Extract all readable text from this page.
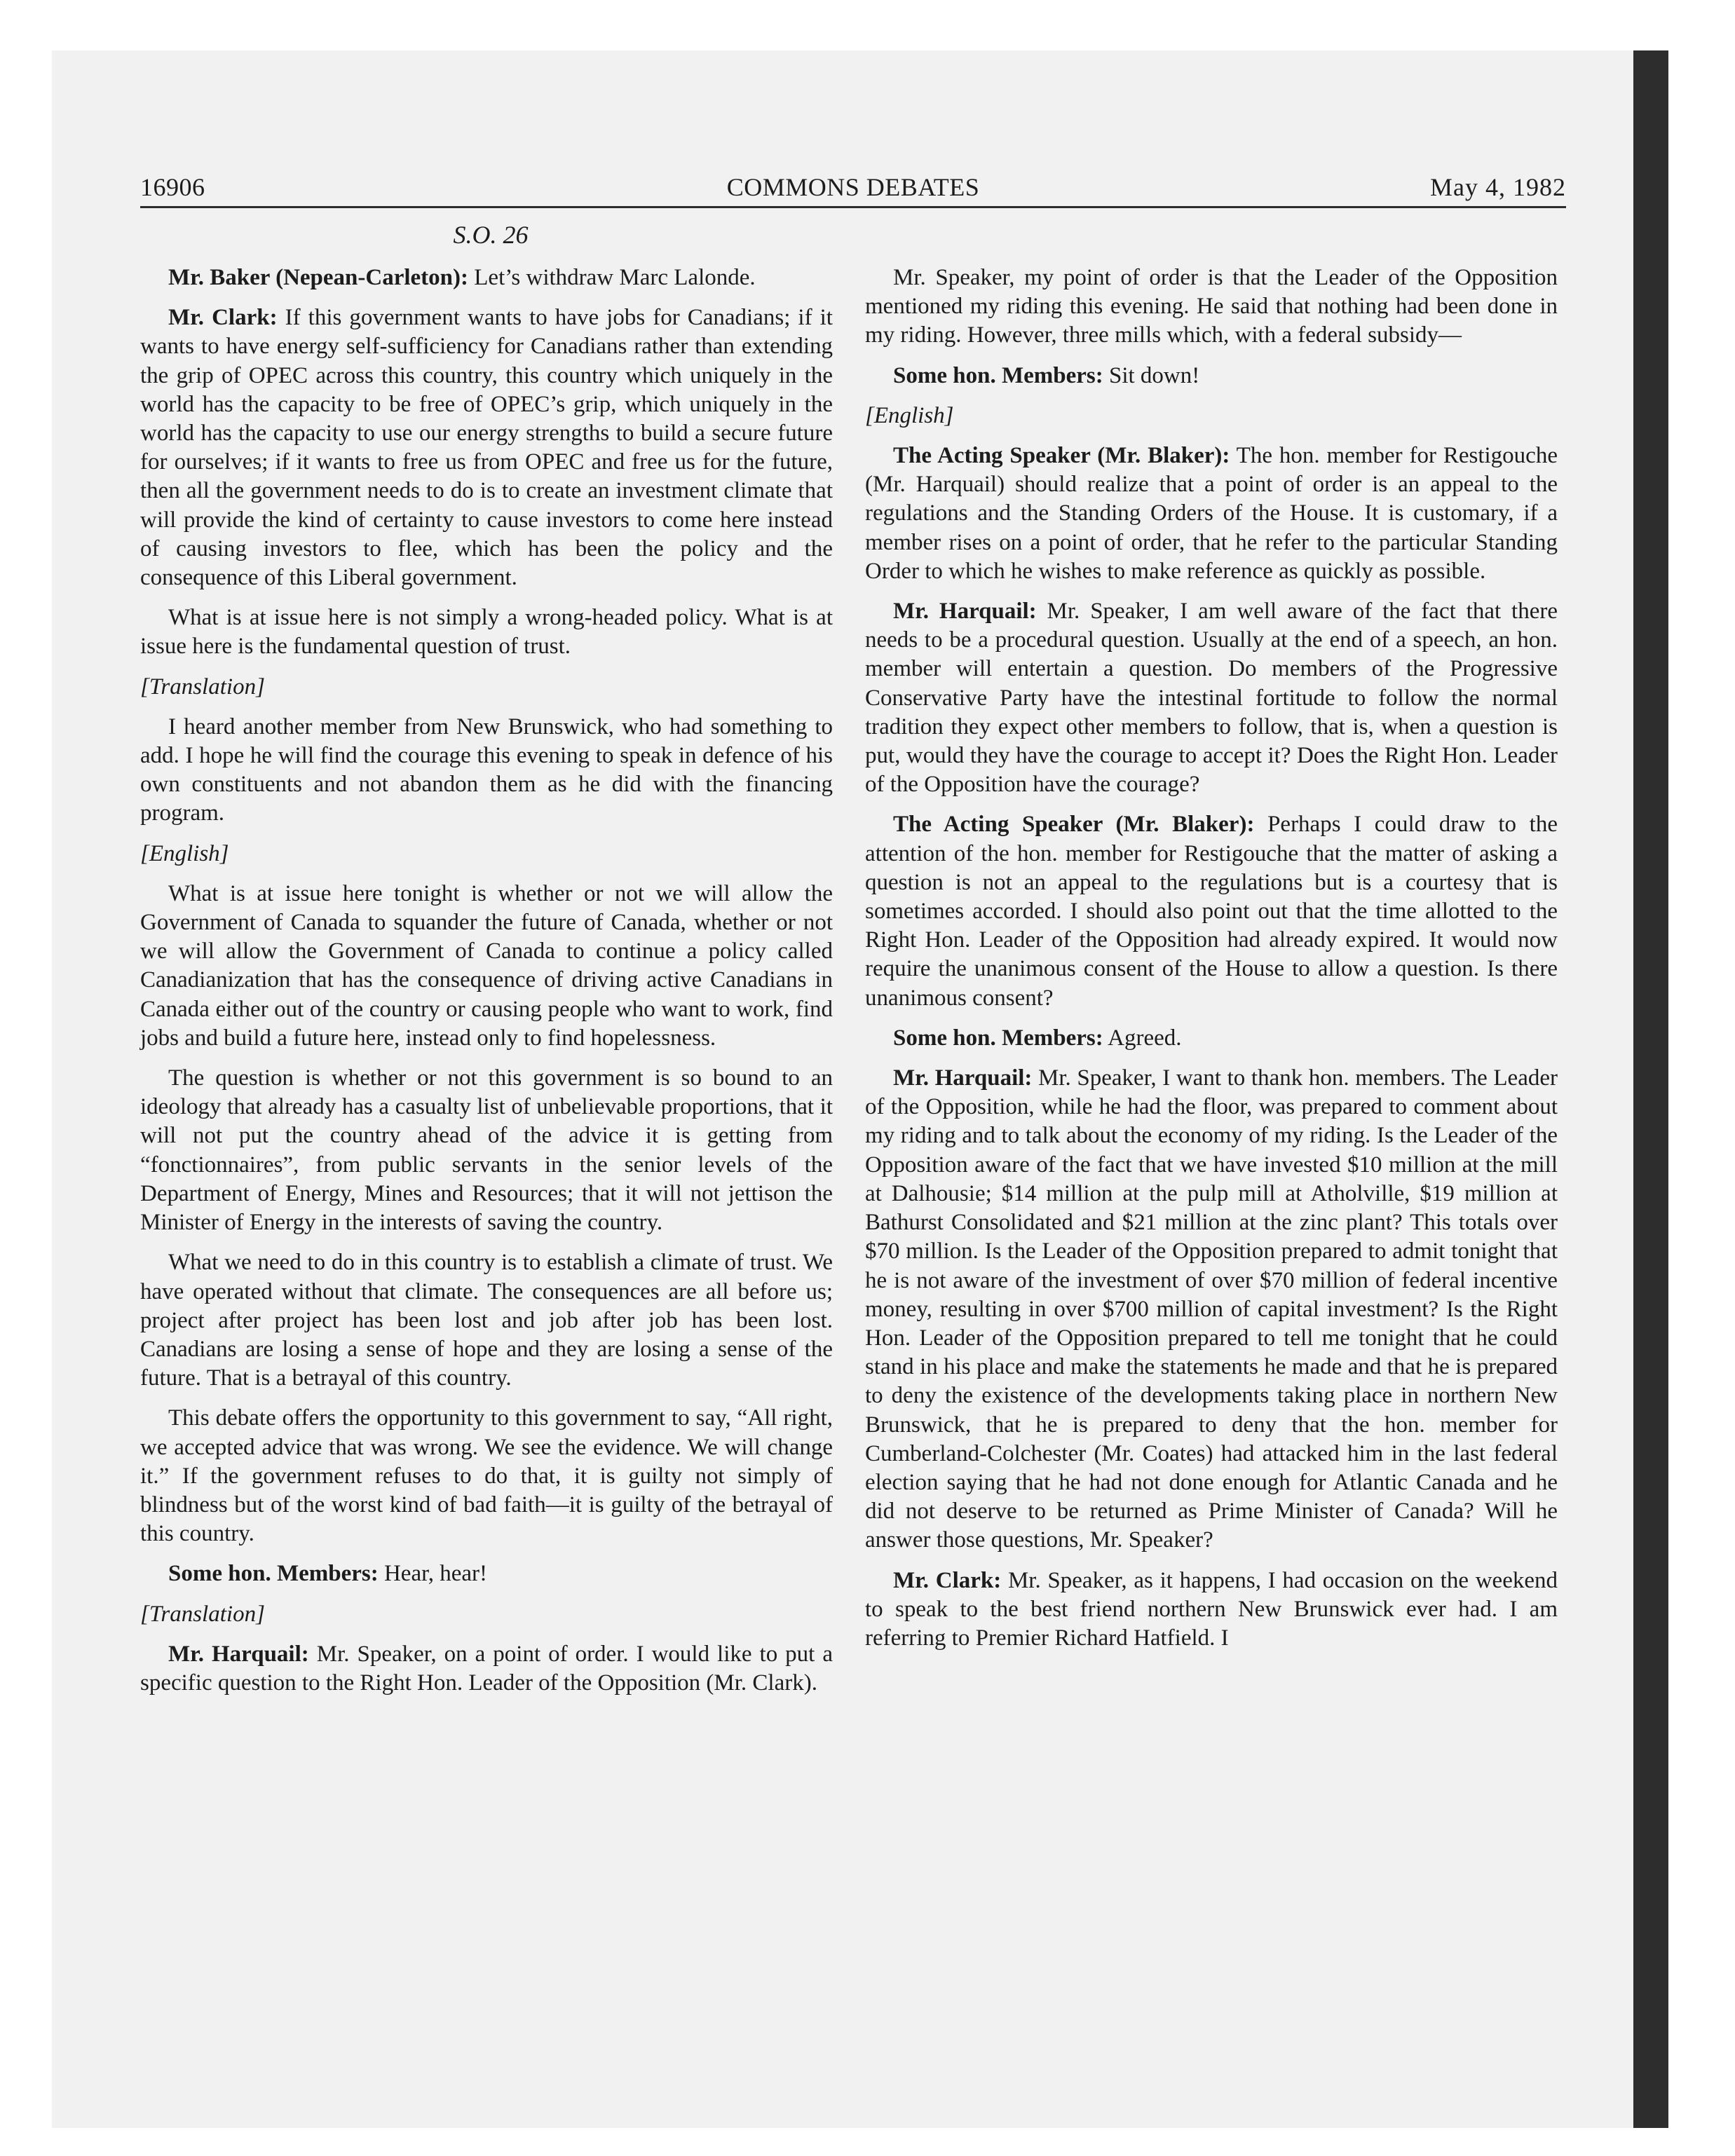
16906	COMMONS DEBATES	May 4, 1982
S.O. 26

Mr. Baker (Nepean-Carleton): Let’s withdraw Marc Lalonde.

Mr. Clark: If this government wants to have jobs for Canadians; if it wants to have energy self-sufficiency for Canadians rather than extending the grip of OPEC across this country, this country which uniquely in the world has the capacity to be free of OPEC’s grip, which uniquely in the world has the capacity to use our energy strengths to build a secure future for ourselves; if it wants to free us from OPEC and free us for the future, then all the government needs to do is to create an investment climate that will provide the kind of certainty to cause investors to come here instead of causing investors to flee, which has been the policy and the consequence of this Liberal government.

What is at issue here is not simply a wrong-headed policy. What is at issue here is the fundamental question of trust.

[Translation]

I heard another member from New Brunswick, who had something to add. I hope he will find the courage this evening to speak in defence of his own constituents and not abandon them as he did with the financing program.

[English]

What is at issue here tonight is whether or not we will allow the Government of Canada to squander the future of Canada, whether or not we will allow the Government of Canada to continue a policy called Canadianization that has the consequence of driving active Canadians in Canada either out of the country or causing people who want to work, find jobs and build a future here, instead only to find hopelessness.

The question is whether or not this government is so bound to an ideology that already has a casualty list of unbelievable proportions, that it will not put the country ahead of the advice it is getting from “fonctionnaires”, from public servants in the senior levels of the Department of Energy, Mines and Resources; that it will not jettison the Minister of Energy in the interests of saving the country.

What we need to do in this country is to establish a climate of trust. We have operated without that climate. The consequences are all before us; project after project has been lost and job after job has been lost. Canadians are losing a sense of hope and they are losing a sense of the future. That is a betrayal of this country.

This debate offers the opportunity to this government to say, “All right, we accepted advice that was wrong. We see the evidence. We will change it.” If the government refuses to do that, it is guilty not simply of blindness but of the worst kind of bad faith—it is guilty of the betrayal of this country.

Some hon. Members: Hear, hear!

[Translation]

Mr. Harquail: Mr. Speaker, on a point of order. I would like to put a specific question to the Right Hon. Leader of the Opposition (Mr. Clark).

Mr. Speaker, my point of order is that the Leader of the Opposition mentioned my riding this evening. He said that nothing had been done in my riding. However, three mills which, with a federal subsidy—

Some hon. Members: Sit down!

[English]

The Acting Speaker (Mr. Blaker): The hon. member for Restigouche (Mr. Harquail) should realize that a point of order is an appeal to the regulations and the Standing Orders of the House. It is customary, if a member rises on a point of order, that he refer to the particular Standing Order to which he wishes to make reference as quickly as possible.

Mr. Harquail: Mr. Speaker, I am well aware of the fact that there needs to be a procedural question. Usually at the end of a speech, an hon. member will entertain a question. Do members of the Progressive Conservative Party have the intestinal fortitude to follow the normal tradition they expect other members to follow, that is, when a question is put, would they have the courage to accept it? Does the Right Hon. Leader of the Opposition have the courage?

The Acting Speaker (Mr. Blaker): Perhaps I could draw to the attention of the hon. member for Restigouche that the matter of asking a question is not an appeal to the regulations but is a courtesy that is sometimes accorded. I should also point out that the time allotted to the Right Hon. Leader of the Opposition had already expired. It would now require the unanimous consent of the House to allow a question. Is there unanimous consent?

Some hon. Members: Agreed.

Mr. Harquail: Mr. Speaker, I want to thank hon. members. The Leader of the Opposition, while he had the floor, was prepared to comment about my riding and to talk about the economy of my riding. Is the Leader of the Opposition aware of the fact that we have invested $10 million at the mill at Dalhousie; $14 million at the pulp mill at Atholville, $19 million at Bathurst Consolidated and $21 million at the zinc plant? This totals over $70 million. Is the Leader of the Opposition prepared to admit tonight that he is not aware of the investment of over $70 million of federal incentive money, resulting in over $700 million of capital investment? Is the Right Hon. Leader of the Opposition prepared to tell me tonight that he could stand in his place and make the statements he made and that he is prepared to deny the existence of the developments taking place in northern New Brunswick, that he is prepared to deny that the hon. member for Cumberland-Colchester (Mr. Coates) had attacked him in the last federal election saying that he had not done enough for Atlantic Canada and he did not deserve to be returned as Prime Minister of Canada? Will he answer those questions, Mr. Speaker?

Mr. Clark: Mr. Speaker, as it happens, I had occasion on the weekend to speak to the best friend northern New Brunswick ever had. I am referring to Premier Richard Hatfield. I
